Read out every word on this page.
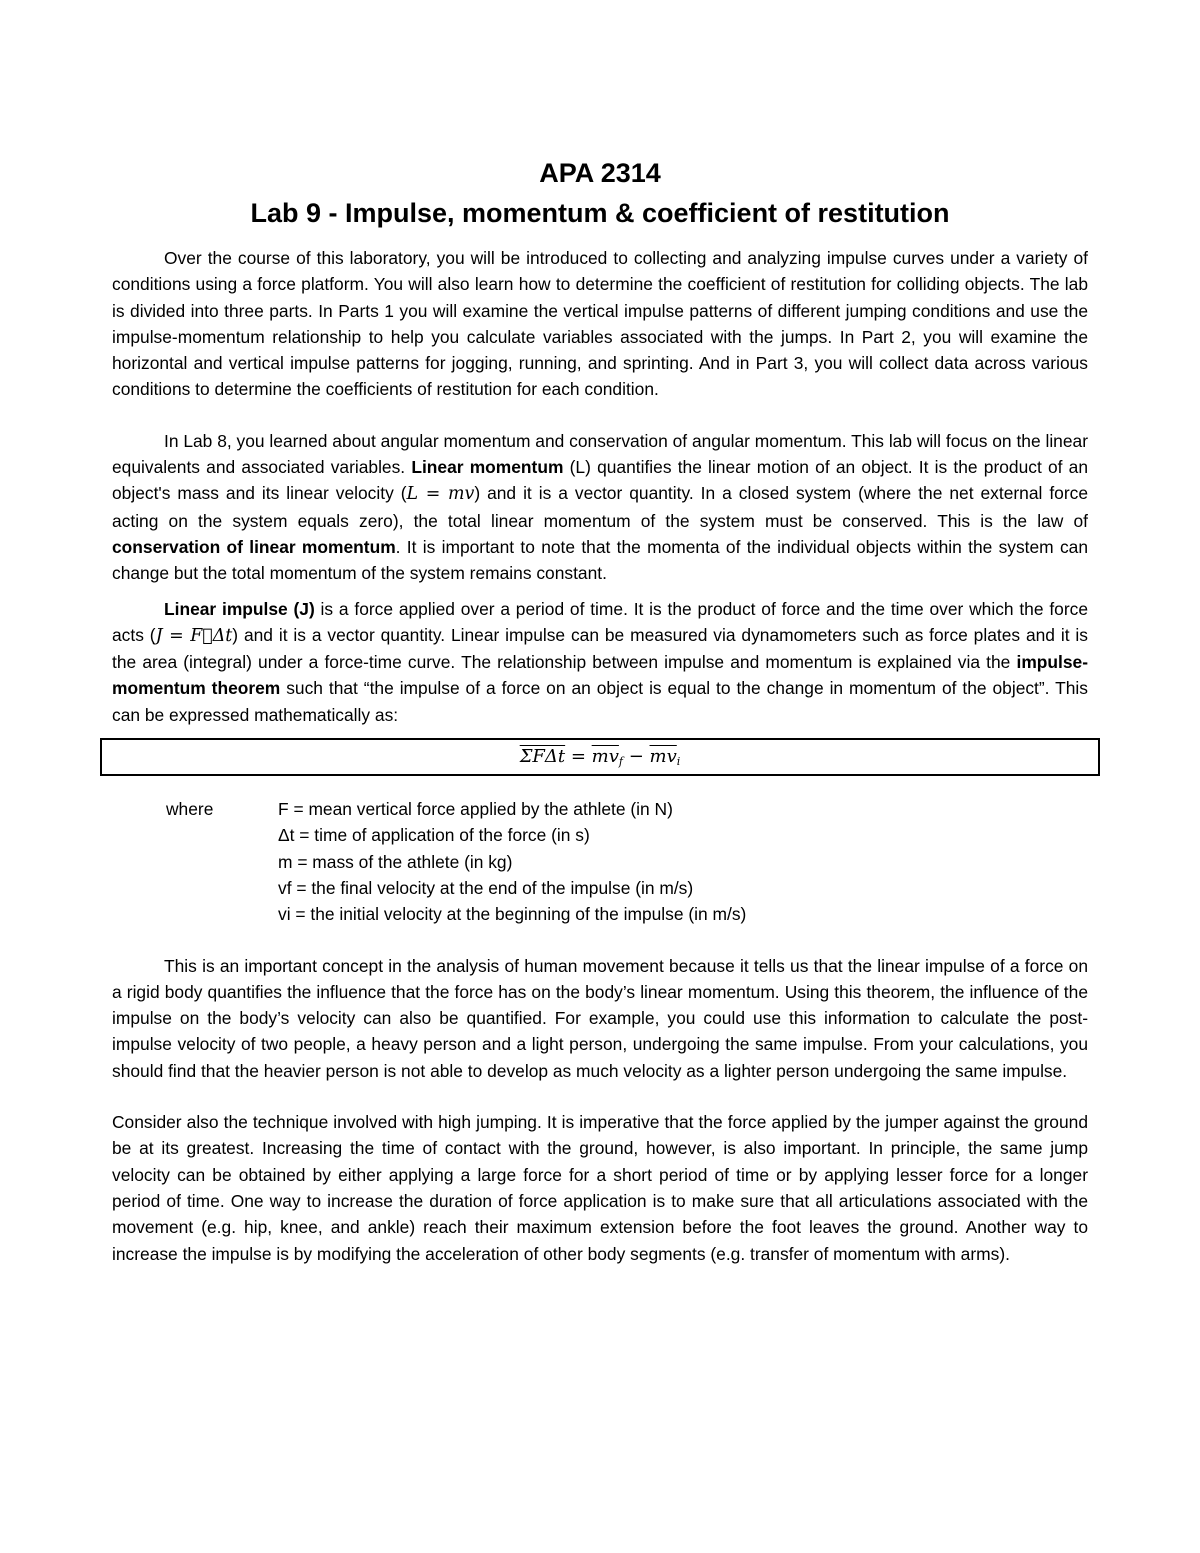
APA 2314
Lab 9 - Impulse, momentum & coefficient of restitution

Over the course of this laboratory, you will be introduced to collecting and analyzing impulse curves under a variety of conditions using a force platform. You will also learn how to determine the coefficient of restitution for colliding objects. The lab is divided into three parts. In Parts 1 you will examine the vertical impulse patterns of different jumping conditions and use the impulse-momentum relationship to help you calculate variables associated with the jumps. In Part 2, you will examine the horizontal and vertical impulse patterns for jogging, running, and sprinting. And in Part 3, you will collect data across various conditions to determine the coefficients of restitution for each condition.

In Lab 8, you learned about angular momentum and conservation of angular momentum. This lab will focus on the linear equivalents and associated variables. Linear momentum (L) quantifies the linear motion of an object. It is the product of an object's mass and its linear velocity (L = mv) and it is a vector quantity. In a closed system (where the net external force acting on the system equals zero), the total linear momentum of the system must be conserved. This is the law of conservation of linear momentum. It is important to note that the momenta of the individual objects within the system can change but the total momentum of the system remains constant.

Linear impulse (J) is a force applied over a period of time. It is the product of force and the time over which the force acts (J = F⃗Δt) and it is a vector quantity. Linear impulse can be measured via dynamometers such as force plates and it is the area (integral) under a force-time curve. The relationship between impulse and momentum is explained via the impulse-momentum theorem such that “the impulse of a force on an object is equal to the change in momentum of the object”. This can be expressed mathematically as:

$\Sigma F\Delta t = \overline{mv}f - \overline{mv}i$
where	F = mean vertical force applied by the athlete (in N)
Δt = time of application of the force (in s)
m = mass of the athlete (in kg)
vf = the final velocity at the end of the impulse (in m/s)
vi = the initial velocity at the beginning of the impulse (in m/s)

This is an important concept in the analysis of human movement because it tells us that the linear impulse of a force on a rigid body quantifies the influence that the force has on the body’s linear momentum. Using this theorem, the influence of the impulse on the body’s velocity can also be quantified. For example, you could use this information to calculate the post-impulse velocity of two people, a heavy person and a light person, undergoing the same impulse. From your calculations, you should find that the heavier person is not able to develop as much velocity as a lighter person undergoing the same impulse.

Consider also the technique involved with high jumping. It is imperative that the force applied by the jumper against the ground be at its greatest. Increasing the time of contact with the ground, however, is also important. In principle, the same jump velocity can be obtained by either applying a large force for a short period of time or by applying lesser force for a longer period of time. One way to increase the duration of force application is to make sure that all articulations associated with the movement (e.g. hip, knee, and ankle) reach their maximum extension before the foot leaves the ground. Another way to increase the impulse is by modifying the acceleration of other body segments (e.g. transfer of momentum with arms).
